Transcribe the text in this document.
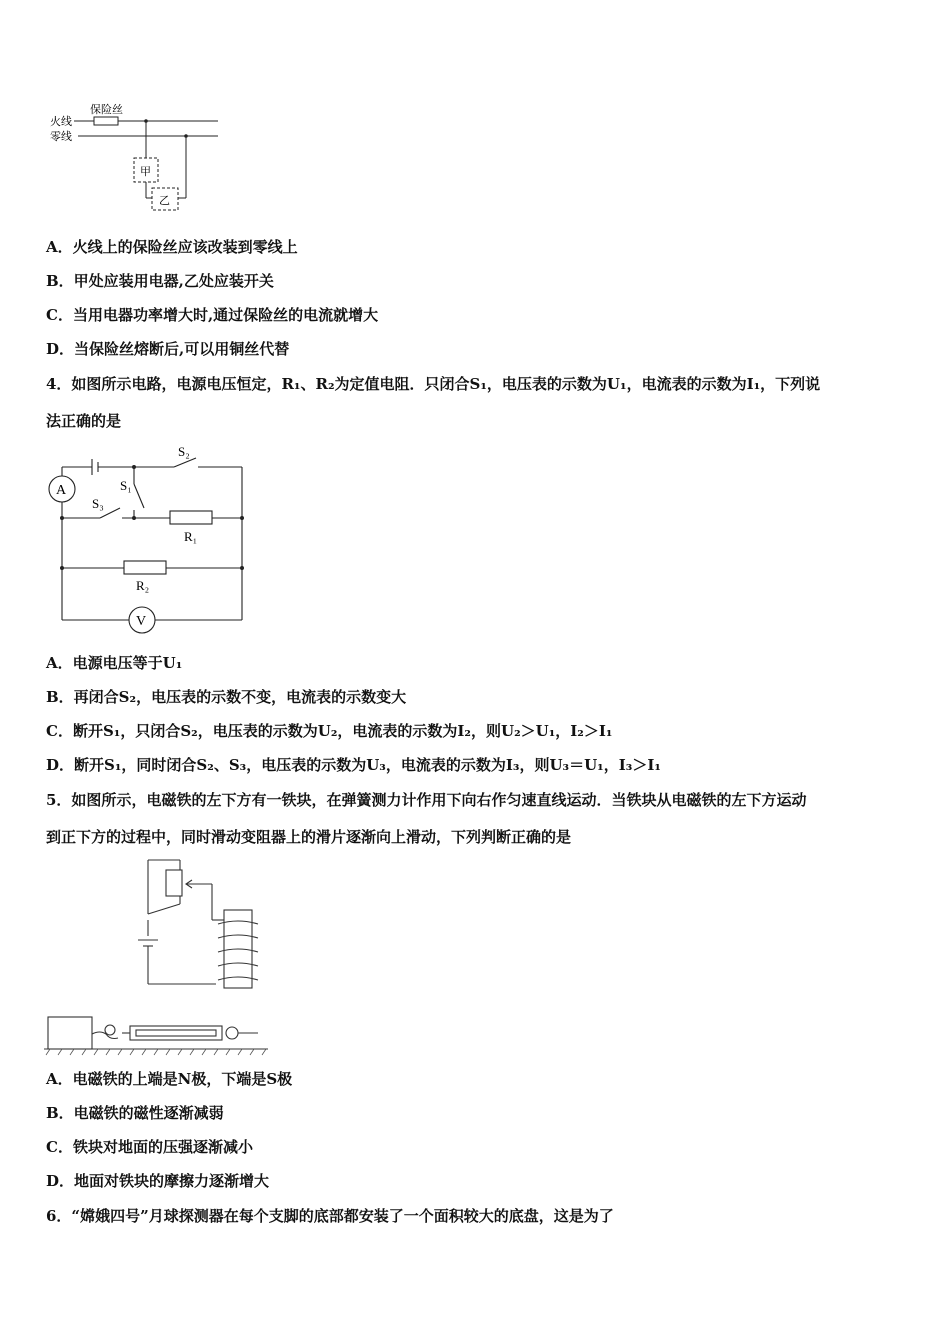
火线
零线
保险丝
甲
乙
A．火线上的保险丝应该改装到零线上
B．甲处应装用电器,乙处应装开关
C．当用电器功率增大时,通过保险丝的电流就增大
D．当保险丝熔断后,可以用铜丝代替
4．如图所示电路，电源电压恒定，R₁、R₂为定值电阻．只闭合S₁，电压表的示数为U₁，电流表的示数为I₁，下列说
法正确的是
A
V
S₂
S₁
S₃
R₁
R₂
A．电源电压等于U₁
B．再闭合S₂，电压表的示数不变，电流表的示数变大
C．断开S₁，只闭合S₂，电压表的示数为U₂，电流表的示数为I₂，则U₂＞U₁，I₂＞I₁
D．断开S₁，同时闭合S₂、S₃，电压表的示数为U₃，电流表的示数为I₃，则U₃＝U₁，I₃＞I₁
5．如图所示，电磁铁的左下方有一铁块，在弹簧测力计作用下向右作匀速直线运动．当铁块从电磁铁的左下方运动
到正下方的过程中，同时滑动变阻器上的滑片逐渐向上滑动，下列判断正确的是
A．电磁铁的上端是N极，下端是S极
B．电磁铁的磁性逐渐减弱
C．铁块对地面的压强逐渐减小
D．地面对铁块的摩擦力逐渐增大
6．“嫦娥四号”月球探测器在每个支脚的底部都安装了一个面积较大的底盘，这是为了
